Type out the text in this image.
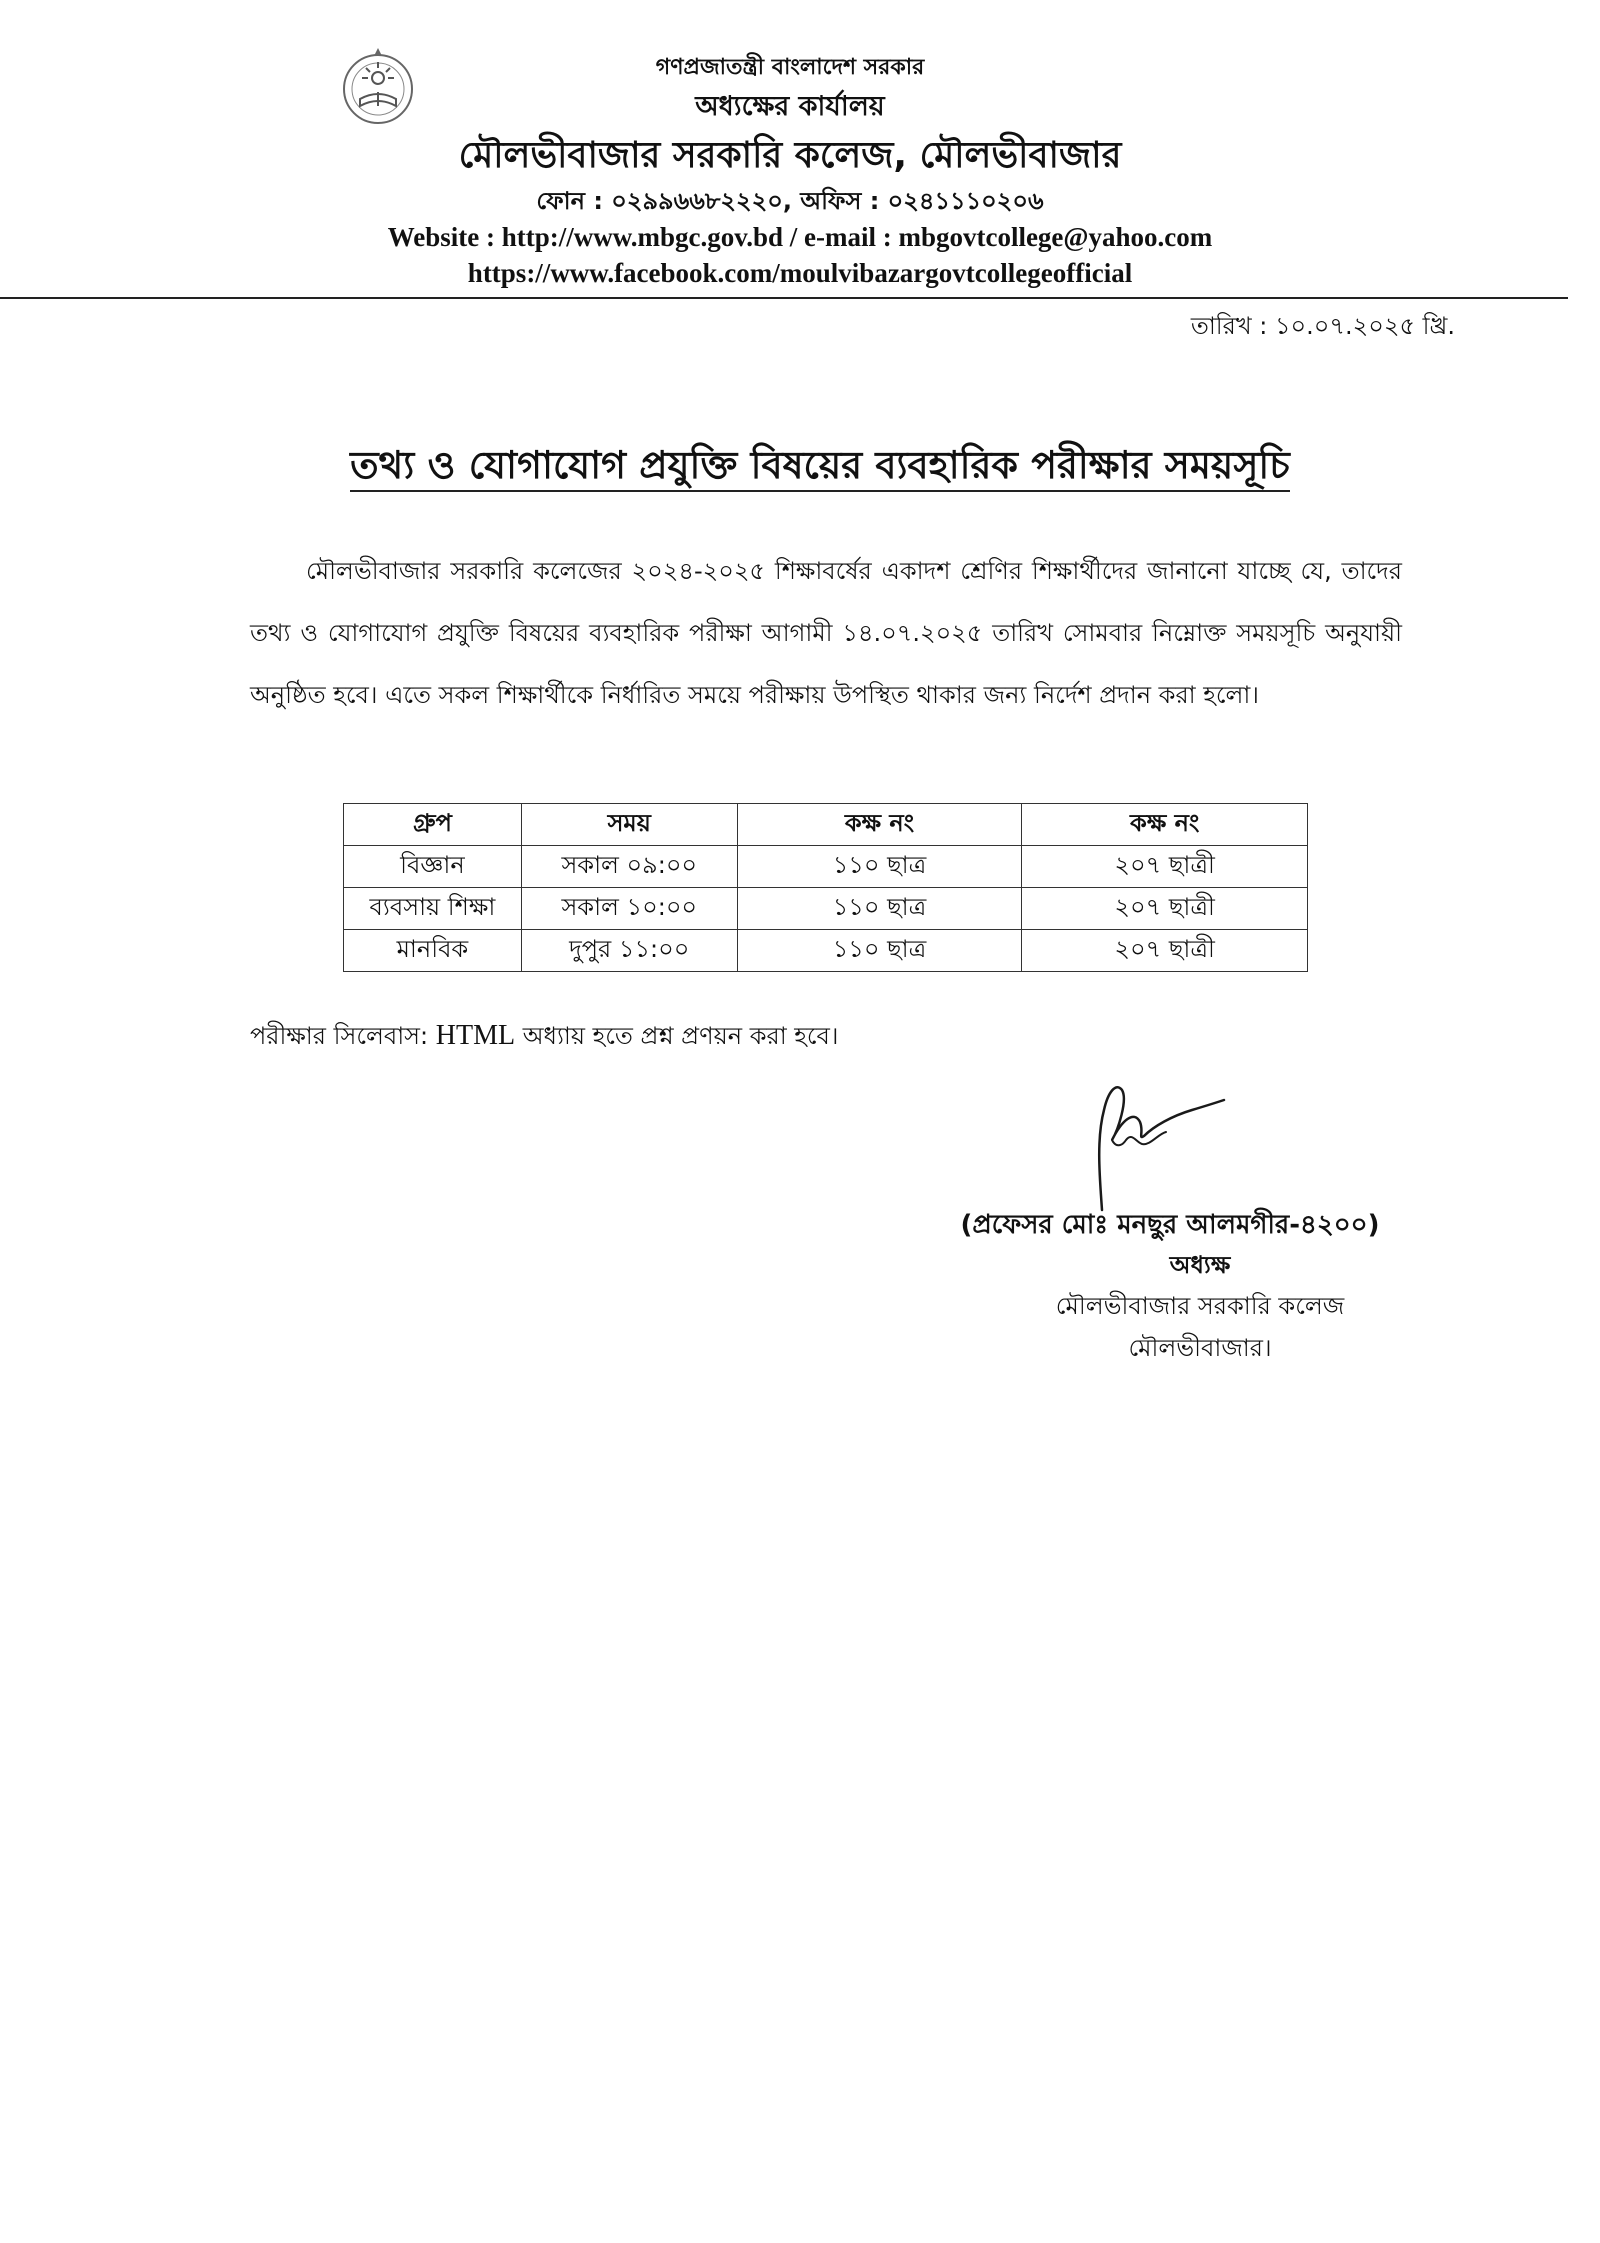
গণপ্রজাতন্ত্রী বাংলাদেশ সরকার
অধ্যক্ষের কার্যালয়
মৌলভীবাজার সরকারি কলেজ, মৌলভীবাজার
ফোন : ০২৯৯৬৬৮২২২০, অফিস : ০২৪১১১০২০৬
Website : http://www.mbgc.gov.bd / e-mail : mbgovtcollege@yahoo.com
https://www.facebook.com/moulvibazargovtcollegeofficial
তারিখ : ১০.০৭.২০২৫ খ্রি.
তথ্য ও যোগাযোগ প্রযুক্তি বিষয়ের ব্যবহারিক পরীক্ষার সময়সূচি
মৌলভীবাজার সরকারি কলেজের ২০২৪-২০২৫ শিক্ষাবর্ষের একাদশ শ্রেণির শিক্ষার্থীদের জানানো যাচ্ছে যে, তাদের তথ্য ও যোগাযোগ প্রযুক্তি বিষয়ের ব্যবহারিক পরীক্ষা আগামী ১৪.০৭.২০২৫ তারিখ সোমবার নিম্নোক্ত সময়সূচি অনুযায়ী অনুষ্ঠিত হবে। এতে সকল শিক্ষার্থীকে নির্ধারিত সময়ে পরীক্ষায় উপস্থিত থাকার জন্য নির্দেশ প্রদান করা হলো।
গ্রুপ	সময়	কক্ষ নং	কক্ষ নং
বিজ্ঞান	সকাল ০৯:০০	১১০ ছাত্র	২০৭ ছাত্রী
ব্যবসায় শিক্ষা	সকাল ১০:০০	১১০ ছাত্র	২০৭ ছাত্রী
মানবিক	দুপুর ১১:০০	১১০ ছাত্র	২০৭ ছাত্রী
পরীক্ষার সিলেবাস: HTML অধ্যায় হতে প্রশ্ন প্রণয়ন করা হবে।
(প্রফেসর মোঃ মনছুর আলমগীর-৪২০০)
অধ্যক্ষ
মৌলভীবাজার সরকারি কলেজ
মৌলভীবাজার।
